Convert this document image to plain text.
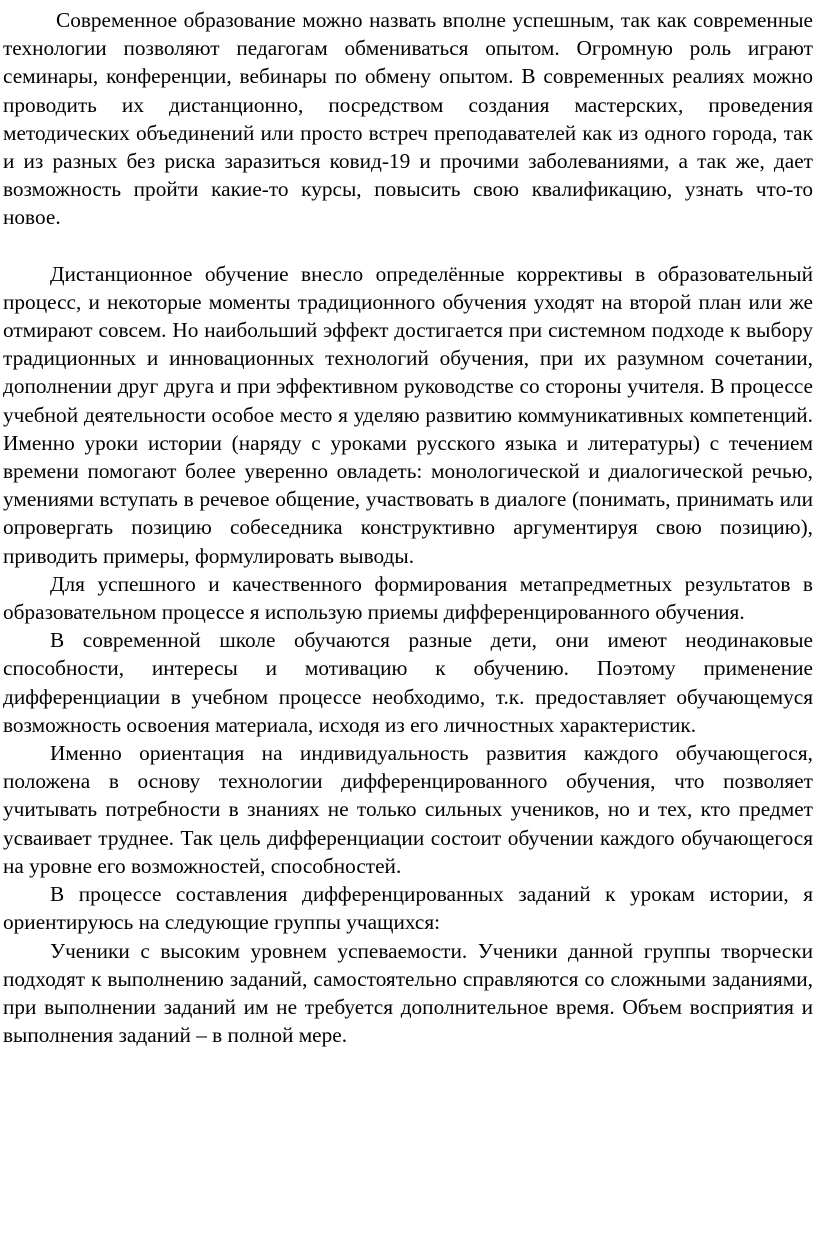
Современное образование можно назвать вполне успешным, так как современные технологии позволяют педагогам обмениваться опытом. Огромную роль играют семинары, конференции, вебинары по обмену опытом. В современных реалиях можно проводить их дистанционно, посредством создания мастерских, проведения методических объединений или просто встреч преподавателей как из одного города, так и из разных без риска заразиться ковид-19 и прочими заболеваниями, а так же, дает возможность пройти какие-то курсы, повысить свою квалификацию, узнать что-то новое.

Дистанционное обучение внесло определённые коррективы в образовательный процесс, и некоторые моменты традиционного обучения уходят на второй план или же отмирают совсем. Но наибольший эффект достигается при системном подходе к выбору традиционных и инновационных технологий обучения, при их разумном сочетании, дополнении друг друга и при эффективном руководстве со стороны учителя. В процессе учебной деятельности особое место я уделяю развитию коммуникативных компетенций. Именно уроки истории (наряду с уроками русского языка и литературы) с течением времени помогают более уверенно овладеть: монологической и диалогической речью, умениями вступать в речевое общение, участвовать в диалоге (понимать, принимать или опровергать позицию собеседника конструктивно аргументируя свою позицию), приводить примеры, формулировать выводы.

Для успешного и качественного формирования метапредметных результатов в образовательном процессе я использую приемы дифференцированного обучения.

В современной школе обучаются разные дети, они имеют неодинаковые способности, интересы и мотивацию к обучению. Поэтому применение дифференциации в учебном процессе необходимо, т.к. предоставляет обучающемуся возможность освоения материала, исходя из его личностных характеристик.

Именно ориентация на индивидуальность развития каждого обучающегося, положена в основу технологии дифференцированного обучения, что позволяет учитывать потребности в знаниях не только сильных учеников, но и тех, кто предмет усваивает труднее. Так цель дифференциации состоит обучении каждого обучающегося на уровне его возможностей, способностей.

В процессе составления дифференцированных заданий к урокам истории, я ориентируюсь на следующие группы учащихся:

Ученики с высоким уровнем успеваемости. Ученики данной группы творчески подходят к выполнению заданий, самостоятельно справляются со сложными заданиями, при выполнении заданий им не требуется дополнительное время. Объем восприятия и выполнения заданий – в полной мере.
